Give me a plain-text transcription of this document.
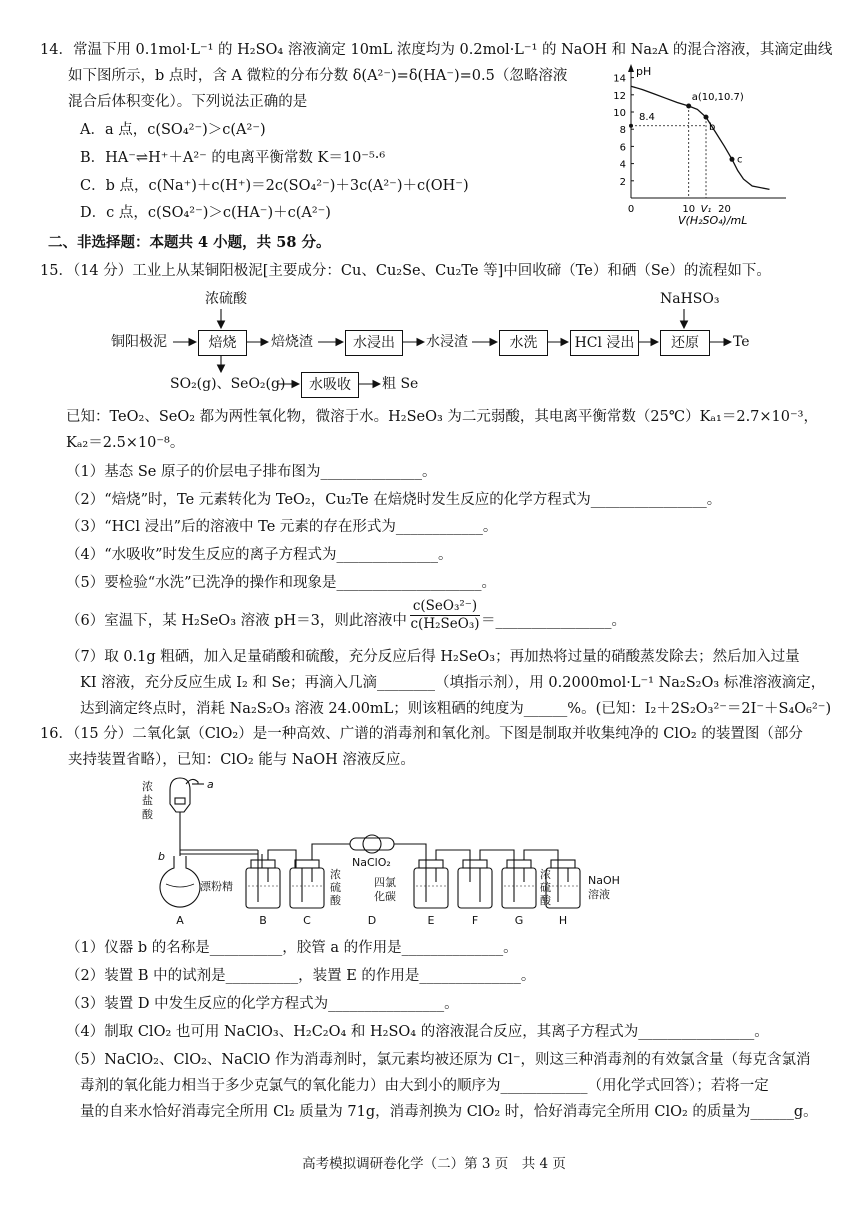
14．常温下用 0.1mol·L⁻¹ 的 H₂SO₄ 溶液滴定 10mL 浓度均为 0.2mol·L⁻¹ 的 NaOH 和 Na₂A 的混合溶液，其滴定曲线
如下图所示，b 点时，含 A 微粒的分布分数 δ(A²⁻)=δ(HA⁻)=0.5（忽略溶液
混合后体积变化）。下列说法正确的是
A．a 点，c(SO₄²⁻)＞c(A²⁻)
B．HA⁻⇌H⁺＋A²⁻ 的电离平衡常数 K＝10⁻⁵·⁶
C．b 点，c(Na⁺)＋c(H⁺)＝2c(SO₄²⁻)＋3c(A²⁻)＋c(OH⁻)
D．c 点，c(SO₄²⁻)＞c(HA⁻)＋c(A²⁻)
pH
V(H₂SO₄)/mL
2
4
6
8
10
12
14
0	10 V₁ 20
8.4
a(10,10.7)
b
c
二、非选择题：本题共 4 小题，共 58 分。
15．（14 分）工业上从某铜阳极泥[主要成分：Cu、Cu₂Se、Cu₂Te 等]中回收碲（Te）和硒（Se）的流程如下。
浓硫酸	NaHSO₃
铜阳极泥	焙烧	焙烧渣	水浸出	水浸渣	水洗	HCl 浸出	还原	Te
SO₂(g)、SeO₂(g)	水吸收	粗 Se
已知：TeO₂、SeO₂ 都为两性氧化物，微溶于水。H₂SeO₃ 为二元弱酸，其电离平衡常数（25℃）Kₐ₁＝2.7×10⁻³，
Kₐ₂＝2.5×10⁻⁸。
（1）基态 Se 原子的价层电子排布图为______________。
（2）“焙烧”时，Te 元素转化为 TeO₂，Cu₂Te 在焙烧时发生反应的化学方程式为________________。
（3）“HCl 浸出”后的溶液中 Te 元素的存在形式为____________。
（4）“水吸收”时发生反应的离子方程式为______________。
（5）要检验“水洗”已洗净的操作和现象是____________________。
（6）室温下，某 H₂SeO₃ 溶液 pH＝3，则此溶液中
c(SeO₃²⁻)
c(H₂SeO₃) ＝________________。
（7）取 0.1g 粗硒，加入足量硝酸和硫酸，充分反应后得 H₂SeO₃；再加热将过量的硝酸蒸发除去；然后加入过量
KI 溶液，充分反应生成 I₂ 和 Se；再滴入几滴________（填指示剂），用 0.2000mol·L⁻¹ Na₂S₂O₃ 标准溶液滴定，
达到滴定终点时，消耗 Na₂S₂O₃ 溶液 24.00mL；则该粗硒的纯度为______%。(已知：I₂＋2S₂O₃²⁻＝2I⁻＋S₄O₆²⁻)
16．（15 分）二氧化氯（ClO₂）是一种高效、广谱的消毒剂和氧化剂。下图是制取并收集纯净的 ClO₂ 的装置图（部分
夹持装置省略），已知：ClO₂ 能与 NaOH 溶液反应。
浓
盐
酸
a
b
漂粉精
NaClO₂
浓
硫
酸
四氯
化碳
浓
硫
酸
NaOH
溶液
A	B	C	D	E	F	G	H
（1）仪器 b 的名称是__________，胶管 a 的作用是______________。
（2）装置 B 中的试剂是__________，装置 E 的作用是______________。
（3）装置 D 中发生反应的化学方程式为________________。
（4）制取 ClO₂ 也可用 NaClO₃、H₂C₂O₄ 和 H₂SO₄ 的溶液混合反应，其离子方程式为________________。
（5）NaClO₂、ClO₂、NaClO 作为消毒剂时，氯元素均被还原为 Cl⁻，则这三种消毒剂的有效氯含量（每克含氯消
毒剂的氧化能力相当于多少克氯气的氧化能力）由大到小的顺序为____________（用化学式回答）；若将一定
量的自来水恰好消毒完全所用 Cl₂ 质量为 71g，消毒剂换为 ClO₂ 时，恰好消毒完全所用 ClO₂ 的质量为______g。
高考模拟调研卷化学（二）第 3 页　共 4 页
